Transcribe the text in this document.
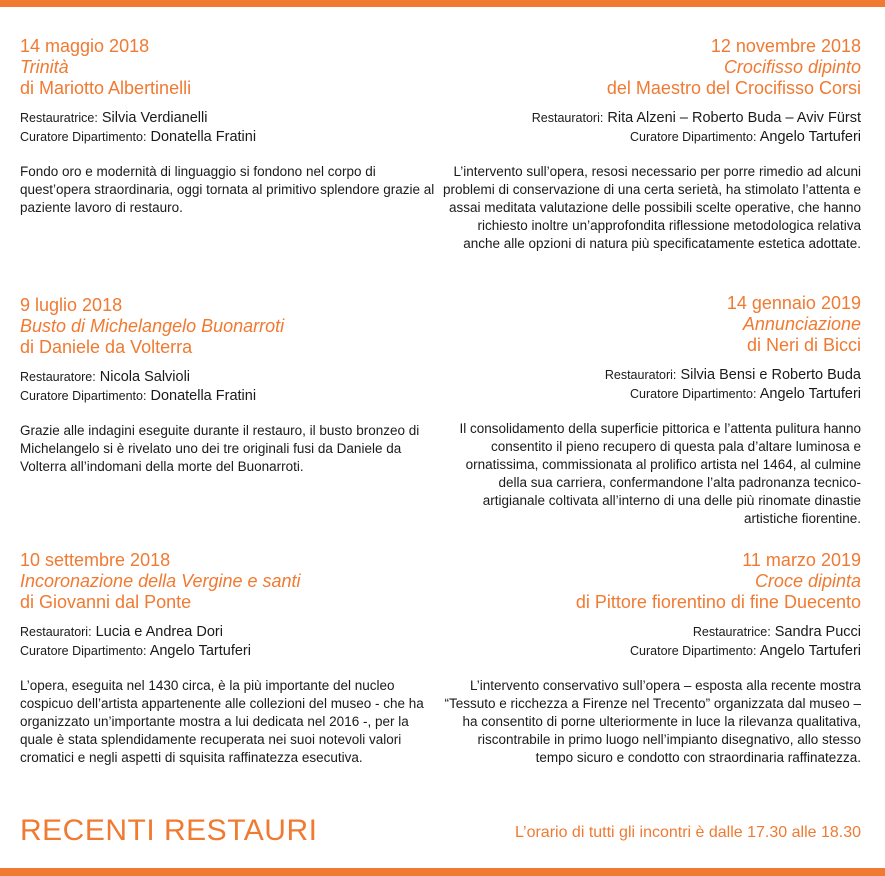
14 maggio 2018
Trinità
di Mariotto Albertinelli
Restauratrice: Silvia Verdianelli
Curatore Dipartimento: Donatella Fratini
Fondo oro e modernità di linguaggio si fondono nel corpo di quest’opera straordinaria, oggi tornata al primitivo splendore grazie al paziente lavoro di restauro.
12 novembre 2018
Crocifisso dipinto
del Maestro del Crocifisso Corsi
Restauratori: Rita Alzeni – Roberto Buda – Aviv Fürst
Curatore Dipartimento: Angelo Tartuferi
L’intervento sull’opera, resosi necessario per porre rimedio ad alcuni problemi di conservazione di una certa serietà, ha stimolato l’attenta e assai meditata valutazione delle possibili scelte operative, che hanno richiesto inoltre un’approfondita riflessione metodologica relativa anche alle opzioni di natura più specificatamente estetica adottate.
9 luglio 2018
Busto di Michelangelo Buonarroti
di Daniele da Volterra
Restauratore: Nicola Salvioli
Curatore Dipartimento: Donatella Fratini
Grazie alle indagini eseguite durante il restauro, il busto bronzeo di Michelangelo si è rivelato uno dei tre originali fusi da Daniele da Volterra all’indomani della morte del Buonarroti.
14 gennaio 2019
Annunciazione
di Neri di Bicci
Restauratori: Silvia Bensi e Roberto Buda
Curatore Dipartimento: Angelo Tartuferi
Il consolidamento della superficie pittorica e l’attenta pulitura hanno consentito il pieno recupero di questa pala d’altare luminosa e ornatissima, commissionata al prolifico artista nel 1464, al culmine della sua carriera, confermandone l’alta padronanza tecnico-artigianale coltivata all’interno di una delle più rinomate dinastie artistiche fiorentine.
10 settembre 2018
Incoronazione della Vergine e santi
di Giovanni dal Ponte
Restauratori: Lucia e Andrea Dori
Curatore Dipartimento: Angelo Tartuferi
L’opera, eseguita nel 1430 circa, è la più importante del nucleo cospicuo dell’artista appartenente alle collezioni del museo - che ha organizzato un’importante mostra a lui dedicata nel 2016 -, per la quale è stata splendidamente recuperata nei suoi notevoli valori cromatici e negli aspetti di squisita raffinatezza esecutiva.
11 marzo 2019
Croce dipinta
di Pittore fiorentino di fine Duecento
Restauratrice: Sandra Pucci
Curatore Dipartimento: Angelo Tartuferi
L’intervento conservativo sull’opera – esposta alla recente mostra “Tessuto e ricchezza a Firenze nel Trecento” organizzata dal museo – ha consentito di porne ulteriormente in luce la rilevanza qualitativa, riscontrabile in primo luogo nell’impianto disegnativo, allo stesso tempo sicuro e condotto con straordinaria raffinatezza.
RECENTI RESTAURI	L’orario di tutti gli incontri è dalle 17.30 alle 18.30
